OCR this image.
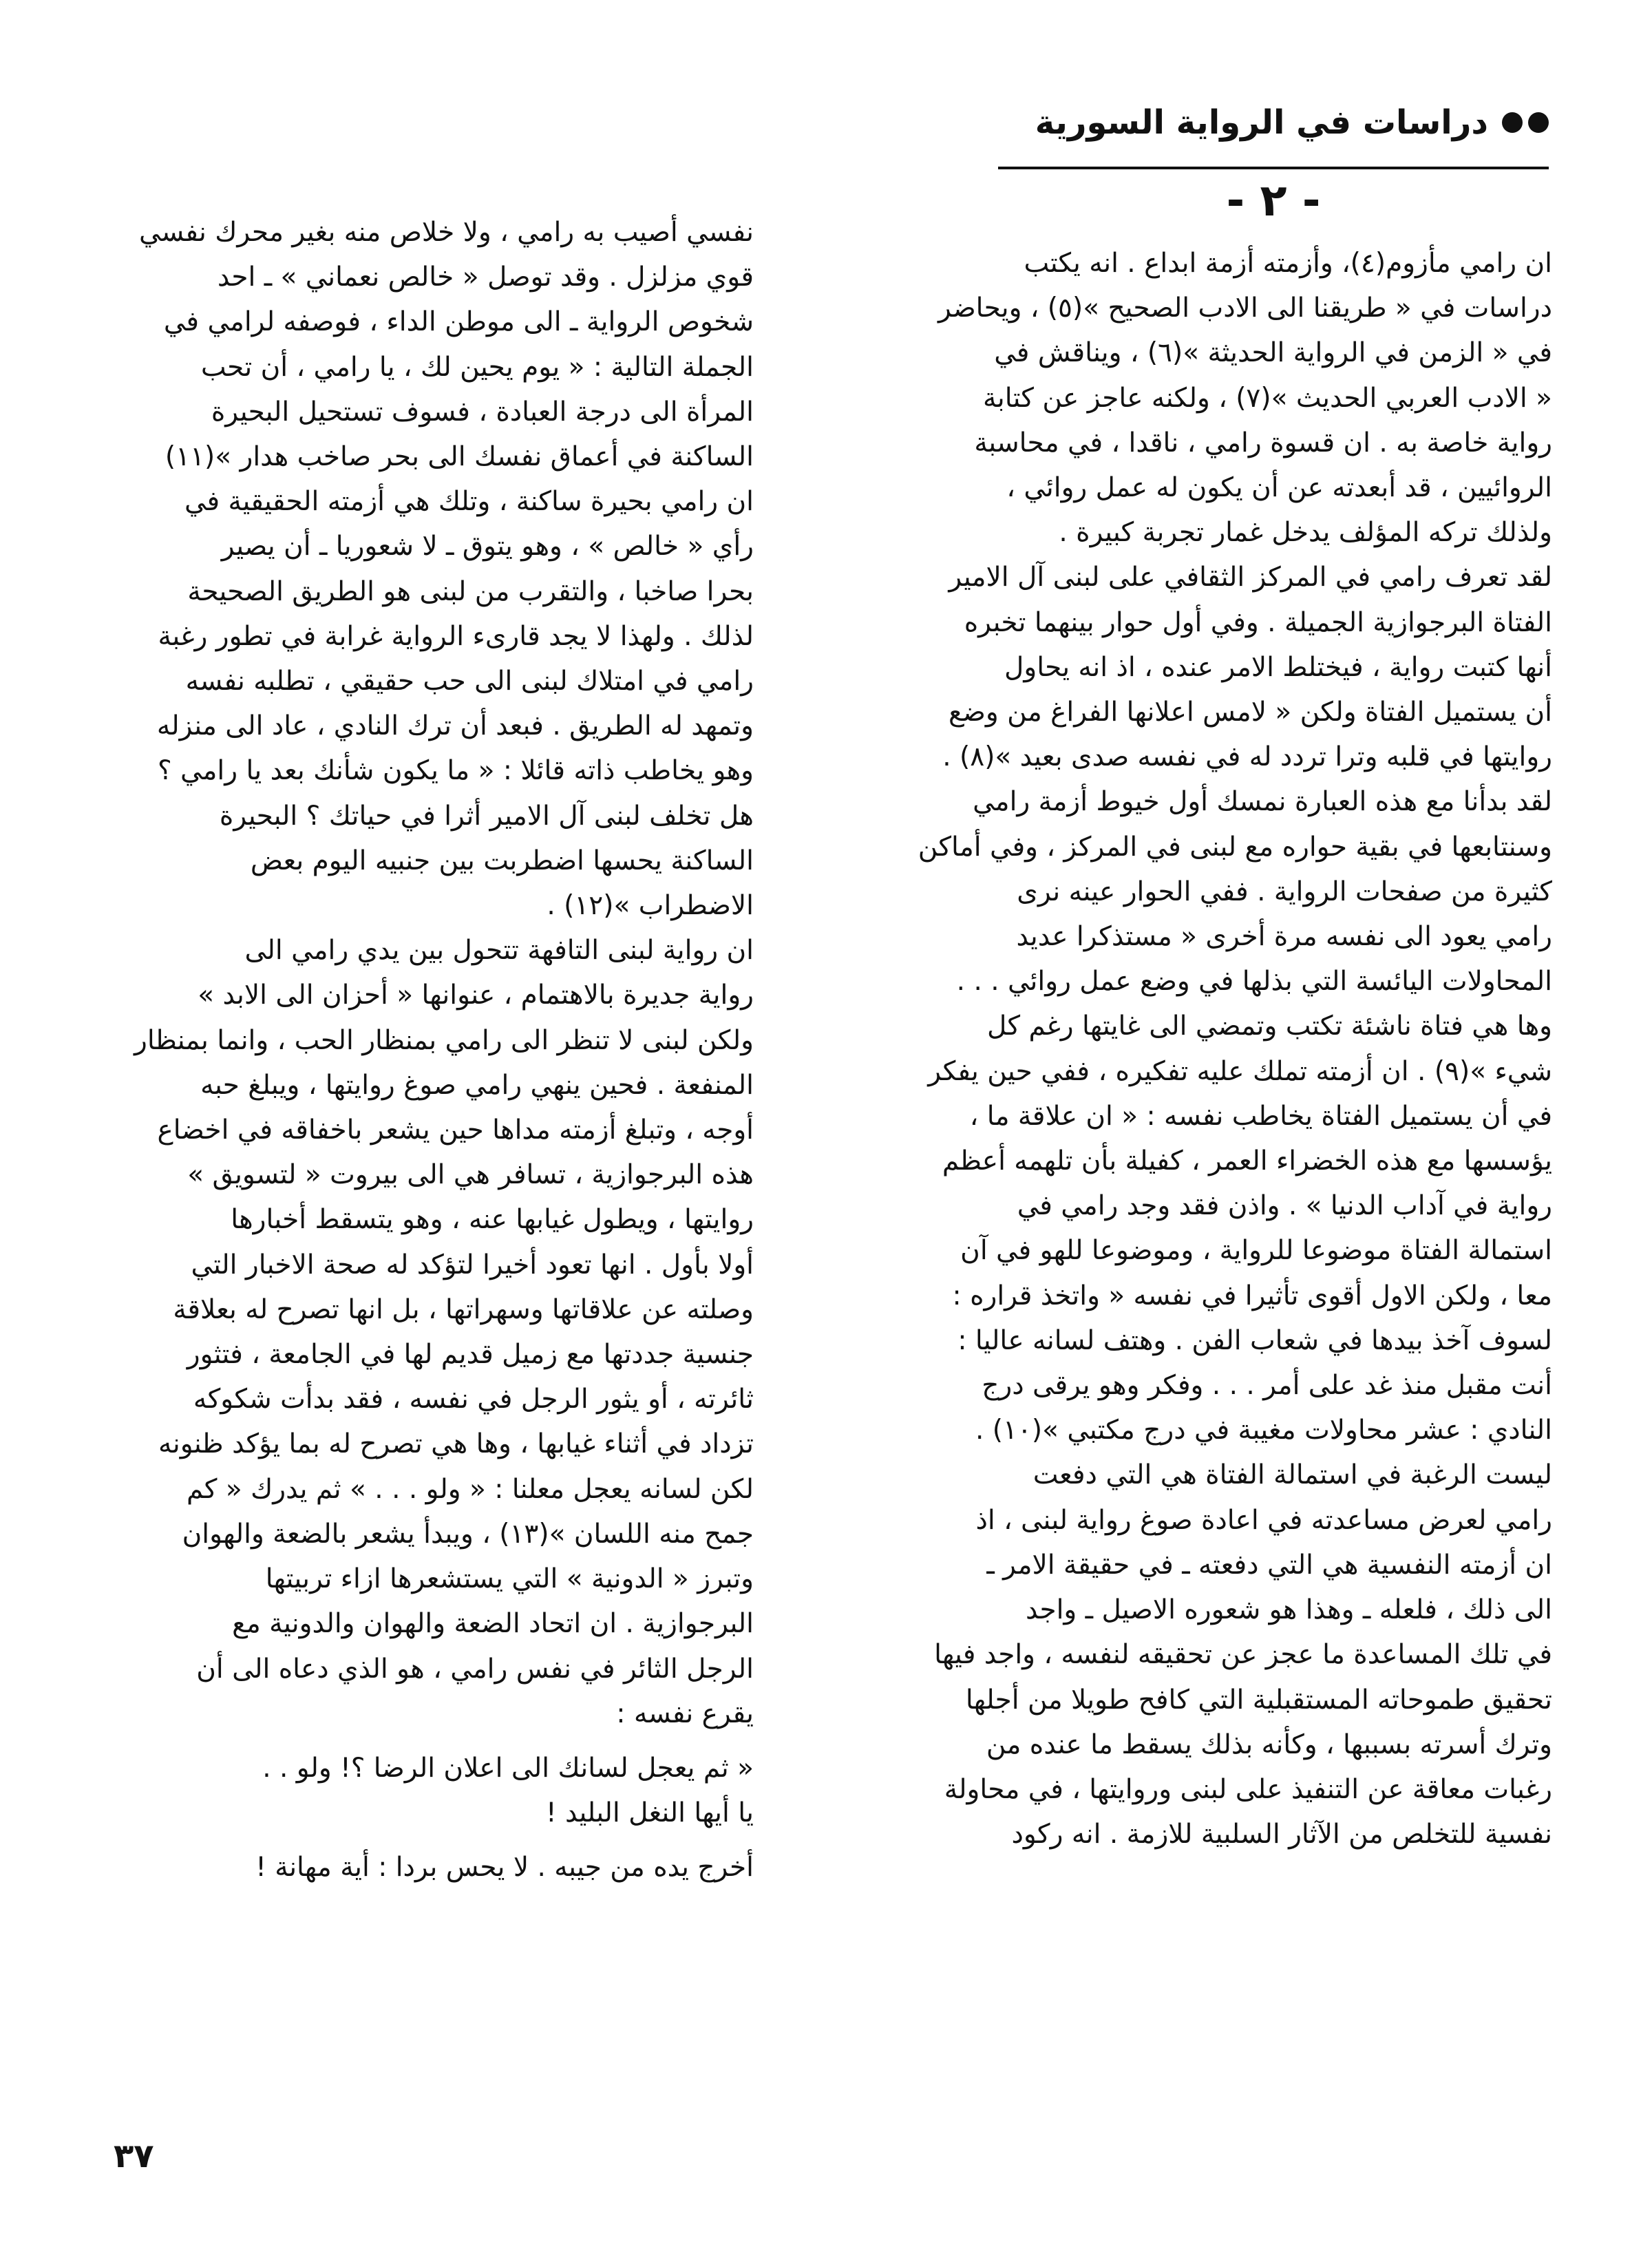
دراسات في الرواية السورية
- ٢ -

ان رامي مأزوم(٤)، وأزمته أزمة ابداع . انه يكتب
دراسات في « طريقنا الى الادب الصحيح »(٥) ، ويحاضر
في « الزمن في الرواية الحديثة »(٦) ، ويناقش في
« الادب العربي الحديث »(٧) ، ولكنه عاجز عن كتابة
رواية خاصة به . ان قسوة رامي ، ناقدا ، في محاسبة
الروائيين ، قد أبعدته عن أن يكون له عمل روائي ،
ولذلك تركه المؤلف يدخل غمار تجربة كبيرة .

لقد تعرف رامي في المركز الثقافي على لبنى آل الامير
الفتاة البرجوازية الجميلة . وفي أول حوار بينهما تخبره
أنها كتبت رواية ، فيختلط الامر عنده ، اذ انه يحاول
أن يستميل الفتاة ولكن « لامس اعلانها الفراغ من وضع
روايتها في قلبه وترا تردد له في نفسه صدى بعيد »(٨) .
لقد بدأنا مع هذه العبارة نمسك أول خيوط أزمة رامي
وسنتابعها في بقية حواره مع لبنى في المركز ، وفي أماكن
كثيرة من صفحات الرواية . ففي الحوار عينه نرى
رامي يعود الى نفسه مرة أخرى « مستذكرا عديد
المحاولات اليائسة التي بذلها في وضع عمل روائي . . .
وها هي فتاة ناشئة تكتب وتمضي الى غايتها رغم كل
شيء »(٩) . ان أزمته تملك عليه تفكيره ، ففي حين يفكر
في أن يستميل الفتاة يخاطب نفسه : « ان علاقة ما ،
يؤسسها مع هذه الخضراء العمر ، كفيلة بأن تلهمه أعظم
رواية في آداب الدنيا » . واذن فقد وجد رامي في
استمالة الفتاة موضوعا للرواية ، وموضوعا للهو في آن
معا ، ولكن الاول أقوى تأثيرا في نفسه « واتخذ قراره :
لسوف آخذ بيدها في شعاب الفن . وهتف لسانه عاليا :
أنت مقبل منذ غد على أمر . . . وفكر وهو يرقى درج
النادي : عشر محاولات مغيبة في درج مكتبي »(١٠) .

ليست الرغبة في استمالة الفتاة هي التي دفعت
رامي لعرض مساعدته في اعادة صوغ رواية لبنى ، اذ
ان أزمته النفسية هي التي دفعته ـ في حقيقة الامر ـ
الى ذلك ، فلعله ـ وهذا هو شعوره الاصيل ـ واجد
في تلك المساعدة ما عجز عن تحقيقه لنفسه ، واجد فيها
تحقيق طموحاته المستقبلية التي كافح طويلا من أجلها
وترك أسرته بسببها ، وكأنه بذلك يسقط ما عنده من
رغبات معاقة عن التنفيذ على لبنى وروايتها ، في محاولة
نفسية للتخلص من الآثار السلبية للازمة . انه ركود

نفسي أصيب به رامي ، ولا خلاص منه بغير محرك نفسي
قوي مزلزل . وقد توصل « خالص نعماني » ـ احد
شخوص الرواية ـ الى موطن الداء ، فوصفه لرامي في
الجملة التالية : « يوم يحين لك ، يا رامي ، أن تحب
المرأة الى درجة العبادة ، فسوف تستحيل البحيرة
الساكنة في أعماق نفسك الى بحر صاخب هدار »(١١)
ان رامي بحيرة ساكنة ، وتلك هي أزمته الحقيقية في
رأي « خالص » ، وهو يتوق ـ لا شعوريا ـ أن يصير
بحرا صاخبا ، والتقرب من لبنى هو الطريق الصحيحة
لذلك . ولهذا لا يجد قارىء الرواية غرابة في تطور رغبة
رامي في امتلاك لبنى الى حب حقيقي ، تطلبه نفسه
وتمهد له الطريق . فبعد أن ترك النادي ، عاد الى منزله
وهو يخاطب ذاته قائلا : « ما يكون شأنك بعد يا رامي ؟
هل تخلف لبنى آل الامير أثرا في حياتك ؟ البحيرة
الساكنة يحسها اضطربت بين جنبيه اليوم بعض
الاضطراب »(١٢) .

ان رواية لبنى التافهة تتحول بين يدي رامي الى
رواية جديرة بالاهتمام ، عنوانها « أحزان الى الابد »
ولكن لبنى لا تنظر الى رامي بمنظار الحب ، وانما بمنظار
المنفعة . فحين ينهي رامي صوغ روايتها ، ويبلغ حبه
أوجه ، وتبلغ أزمته مداها حين يشعر باخفاقه في اخضاع
هذه البرجوازية ، تسافر هي الى بيروت « لتسويق »
روايتها ، ويطول غيابها عنه ، وهو يتسقط أخبارها
أولا بأول . انها تعود أخيرا لتؤكد له صحة الاخبار التي
وصلته عن علاقاتها وسهراتها ، بل انها تصرح له بعلاقة
جنسية جددتها مع زميل قديم لها في الجامعة ، فتثور
ثائرته ، أو يثور الرجل في نفسه ، فقد بدأت شكوكه
تزداد في أثناء غيابها ، وها هي تصرح له بما يؤكد ظنونه
لكن لسانه يعجل معلنا : « ولو . . . » ثم يدرك « كم
جمح منه اللسان »(١٣) ، ويبدأ يشعر بالضعة والهوان
وتبرز « الدونية » التي يستشعرها ازاء تربيتها
البرجوازية . ان اتحاد الضعة والهوان والدونية مع
الرجل الثائر في نفس رامي ، هو الذي دعاه الى أن
يقرع نفسه :

« ثم يعجل لسانك الى اعلان الرضا ؟! ولو . .
يا أيها النغل البليد !

أخرج يده من جيبه . لا يحس بردا : أية مهانة !

٣٧
